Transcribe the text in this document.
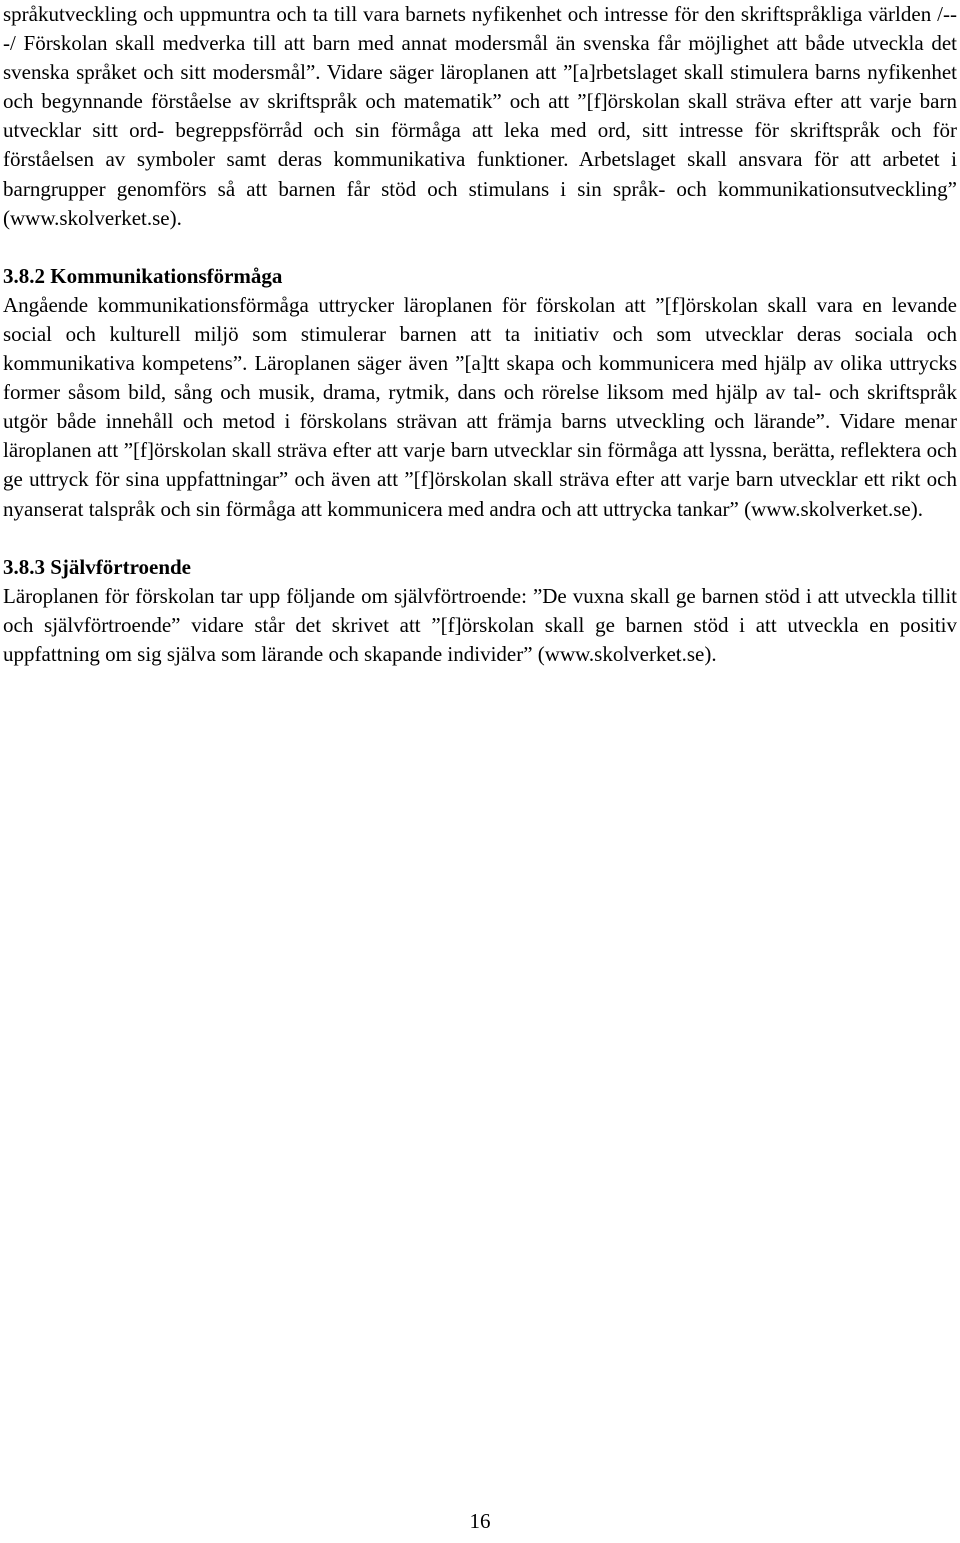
språkutveckling och uppmuntra och ta till vara barnets nyfikenhet och intresse för den skriftspråkliga världen /---/ Förskolan skall medverka till att barn med annat modersmål än svenska får möjlighet att både utveckla det svenska språket och sitt modersmål”. Vidare säger läroplanen att ”[a]rbetslaget skall stimulera barns nyfikenhet och begynnande förståelse av skriftspråk och matematik” och att ”[f]örskolan skall sträva efter att varje barn utvecklar sitt ord- begreppsförråd och sin förmåga att leka med ord, sitt intresse för skriftspråk och för förståelsen av symboler samt deras kommunikativa funktioner. Arbetslaget skall ansvara för att arbetet i barngrupper genomförs så att barnen får stöd och stimulans i sin språk- och kommunikationsutveckling” (www.skolverket.se).

3.8.2 Kommunikationsförmåga

Angående kommunikationsförmåga uttrycker läroplanen för förskolan att ”[f]örskolan skall vara en levande social och kulturell miljö som stimulerar barnen att ta initiativ och som utvecklar deras sociala och kommunikativa kompetens”. Läroplanen säger även ”[a]tt skapa och kommunicera med hjälp av olika uttrycks former såsom bild, sång och musik, drama, rytmik, dans och rörelse liksom med hjälp av tal- och skriftspråk utgör både innehåll och metod i förskolans strävan att främja barns utveckling och lärande”. Vidare menar läroplanen att ”[f]örskolan skall sträva efter att varje barn utvecklar sin förmåga att lyssna, berätta, reflektera och ge uttryck för sina uppfattningar” och även att ”[f]örskolan skall sträva efter att varje barn utvecklar ett rikt och nyanserat talspråk och sin förmåga att kommunicera med andra och att uttrycka tankar” (www.skolverket.se).

3.8.3 Självförtroende

Läroplanen för förskolan tar upp följande om självförtroende: ”De vuxna skall ge barnen stöd i att utveckla tillit och självförtroende” vidare står det skrivet att ”[f]örskolan skall ge barnen stöd i att utveckla en positiv uppfattning om sig själva som lärande och skapande individer” (www.skolverket.se).

16
